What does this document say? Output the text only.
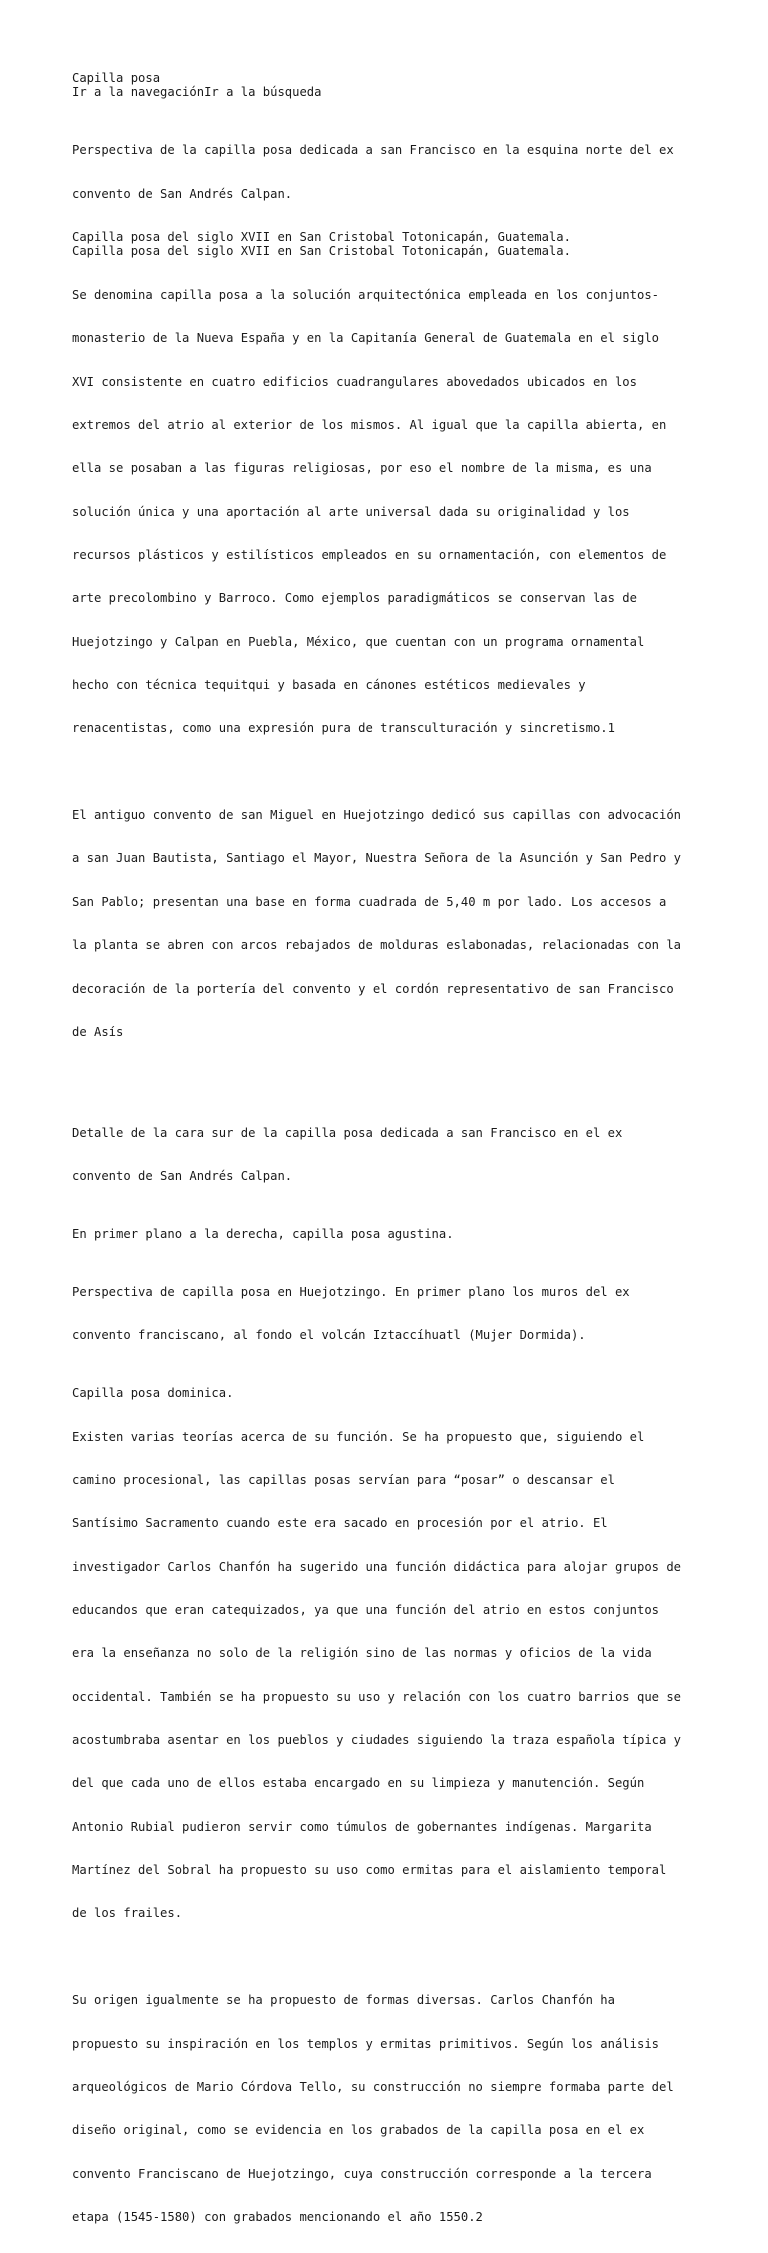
Capilla posa
Ir a la navegaciónIr a la búsqueda

Perspectiva de la capilla posa dedicada a san Francisco en la esquina norte del ex

convento de San Andrés Calpan.

Capilla posa del siglo XVII en San Cristobal Totonicapán, Guatemala.
Capilla posa del siglo XVII en San Cristobal Totonicapán, Guatemala.

Se denomina capilla posa a la solución arquitectónica empleada en los conjuntos-

monasterio de la Nueva España y en la Capitanía General de Guatemala en el siglo

XVI consistente en cuatro edificios cuadrangulares abovedados ubicados en los

extremos del atrio al exterior de los mismos. Al igual que la capilla abierta, en

ella se posaban a las figuras religiosas, por eso el nombre de la misma, es una

solución única y una aportación al arte universal dada su originalidad y los

recursos plásticos y estilísticos empleados en su ornamentación, con elementos de

arte precolombino y Barroco. Como ejemplos paradigmáticos se conservan las de

Huejotzingo y Calpan en Puebla, México, que cuentan con un programa ornamental

hecho con técnica tequitqui y basada en cánones estéticos medievales y

renacentistas, como una expresión pura de transculturación y sincretismo.1

El antiguo convento de san Miguel en Huejotzingo dedicó sus capillas con advocación

a san Juan Bautista, Santiago el Mayor, Nuestra Señora de la Asunción y San Pedro y

San Pablo; presentan una base en forma cuadrada de 5,40 m por lado. Los accesos a

la planta se abren con arcos rebajados de molduras eslabonadas, relacionadas con la

decoración de la portería del convento y el cordón representativo de san Francisco

de Asís

Detalle de la cara sur de la capilla posa dedicada a san Francisco en el ex

convento de San Andrés Calpan.

En primer plano a la derecha, capilla posa agustina.

Perspectiva de capilla posa en Huejotzingo. En primer plano los muros del ex

convento franciscano, al fondo el volcán Iztaccíhuatl (Mujer Dormida).

Capilla posa dominica.

Existen varias teorías acerca de su función. Se ha propuesto que, siguiendo el

camino procesional, las capillas posas servían para “posar” o descansar el

Santísimo Sacramento cuando este era sacado en procesión por el atrio. El

investigador Carlos Chanfón ha sugerido una función didáctica para alojar grupos de

educandos que eran catequizados, ya que una función del atrio en estos conjuntos

era la enseñanza no solo de la religión sino de las normas y oficios de la vida

occidental. También se ha propuesto su uso y relación con los cuatro barrios que se

acostumbraba asentar en los pueblos y ciudades siguiendo la traza española típica y

del que cada uno de ellos estaba encargado en su limpieza y manutención. Según

Antonio Rubial pudieron servir como túmulos de gobernantes indígenas. Margarita

Martínez del Sobral ha propuesto su uso como ermitas para el aislamiento temporal

de los frailes.

Su origen igualmente se ha propuesto de formas diversas. Carlos Chanfón ha

propuesto su inspiración en los templos y ermitas primitivos. Según los análisis

arqueológicos de Mario Córdova Tello, su construcción no siempre formaba parte del

diseño original, como se evidencia en los grabados de la capilla posa en el ex

convento Franciscano de Huejotzingo, cuya construcción corresponde a la tercera

etapa (1545-1580) con grabados mencionando el año 1550.2
